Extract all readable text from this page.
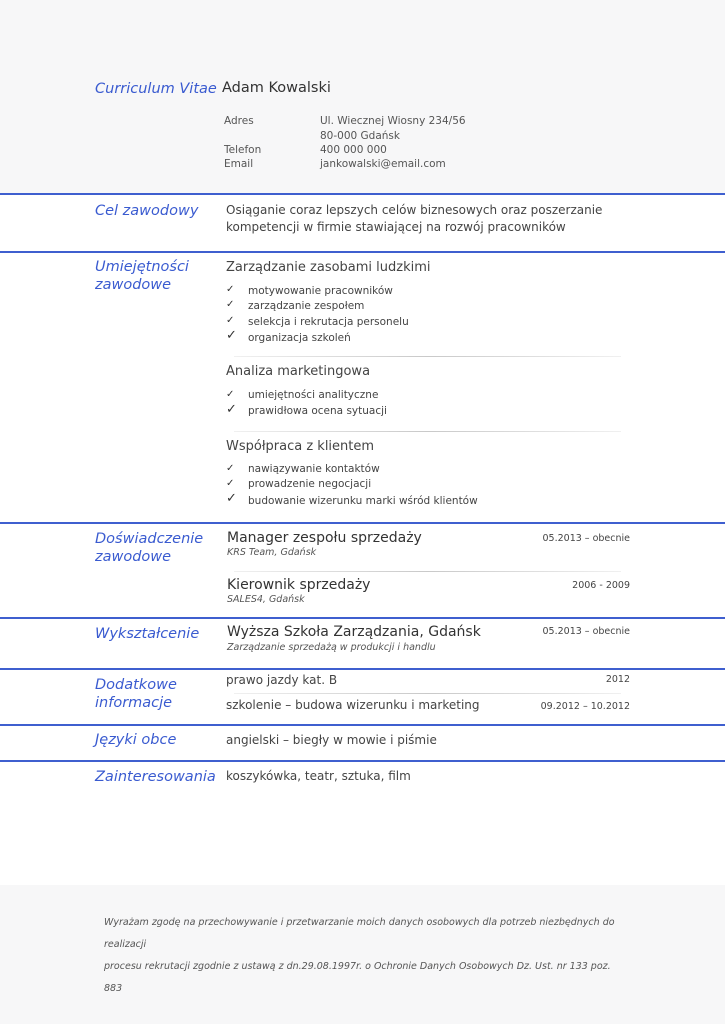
Curriculum Vitae Adam Kowalski
Adres	Ul. Wiecznej Wiosny 234/56
80-000 Gdańsk
Telefon	400 000 000
Email	jankowalski@email.com
Cel zawodowy	Osiąganie coraz lepszych celów biznesowych oraz poszerzanie
kompetencji w firmie stawiającej na rozwój pracowników
Umiejętności
zawodowe
Zarządzanie zasobami ludzkimi
✓ motywowanie pracowników
✓ zarządzanie zespołem
✓ selekcja i rekrutacja personelu
✓ organizacja szkoleń
Analiza marketingowa
✓ umiejętności analityczne
✓ prawidłowa ocena sytuacji
Współpraca z klientem
✓ nawiązywanie kontaktów
✓ prowadzenie negocjacji
✓ budowanie wizerunku marki wśród klientów
Doświadczenie
zawodowe
Manager zespołu sprzedaży
KRS Team, Gdańsk
05.2013 – obecnie
Kierownik sprzedaży
SALES4, Gdańsk
2006 - 2009
Wykształcenie	Wyższa Szkoła Zarządzania, Gdańsk
Zarządzanie sprzedażą w produkcji i handlu
05.2013 – obecnie
Dodatkowe
informacje
prawo jazdy kat. B	2012
szkolenie – budowa wizerunku i marketing	09.2012 – 10.2012
Języki obce	angielski – biegły w mowie i piśmie
Zainteresowania koszykówka, teatr, sztuka, film
Wyrażam zgodę na przechowywanie i przetwarzanie moich danych osobowych dla potrzeb niezbędnych do realizacji
procesu rekrutacji zgodnie z ustawą z dn.29.08.1997r. o Ochronie Danych Osobowych Dz. Ust. nr 133 poz. 883
